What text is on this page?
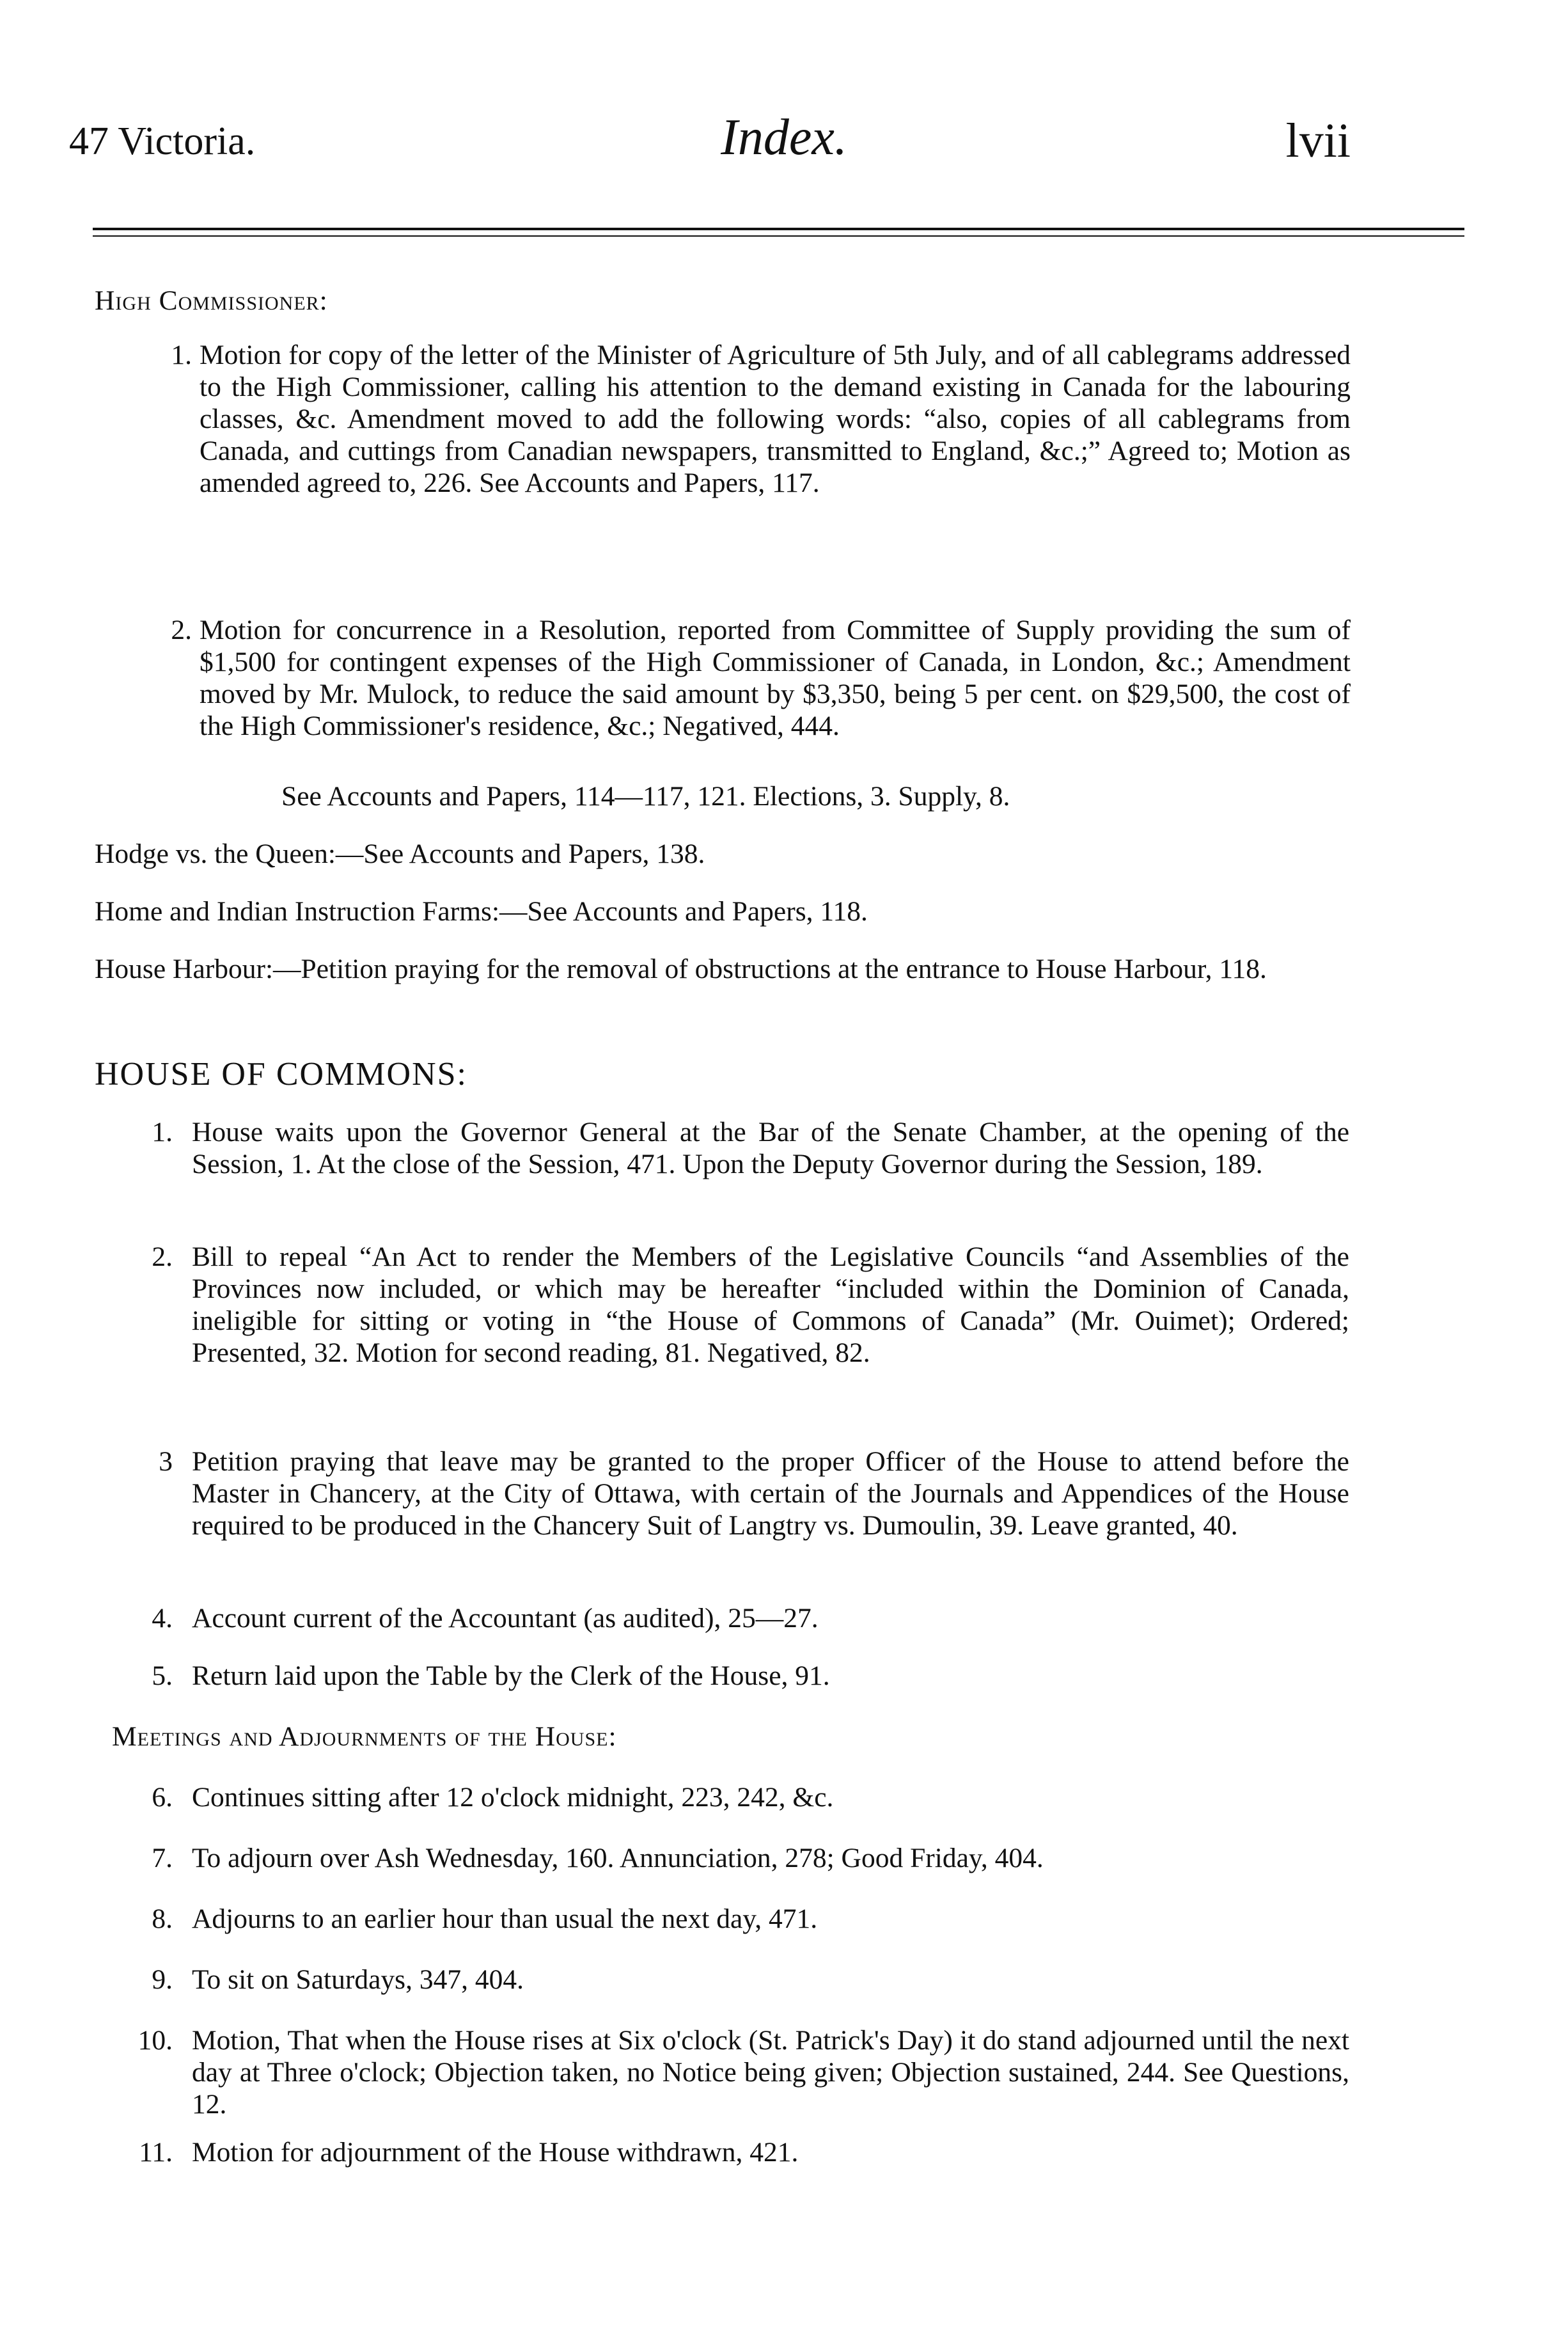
47 Victoria.	Index.	lvii
High Commissioner:
1. Motion for copy of the letter of the Minister of Agriculture of 5th July, and of all cablegrams addressed to the High Commissioner, calling his attention to the demand existing in Canada for the labouring classes, &c. Amendment moved to add the following words: “also, copies of all cablegrams from Canada, and cuttings from Canadian newspapers, transmitted to England, &c.;” Agreed to; Motion as amended agreed to, 226. See Accounts and Papers, 117.
2. Motion for concurrence in a Resolution, reported from Committee of Supply providing the sum of $1,500 for contingent expenses of the High Commissioner of Canada, in London, &c.; Amendment moved by Mr. Mulock, to reduce the said amount by $3,350, being 5 per cent. on $29,500, the cost of the High Commissioner's residence, &c.; Negatived, 444.
See Accounts and Papers, 114—117, 121. Elections, 3. Supply, 8.
Hodge vs. the Queen:—See Accounts and Papers, 138.
Home and Indian Instruction Farms:—See Accounts and Papers, 118.
House Harbour:—Petition praying for the removal of obstructions at the entrance to House Harbour, 118.
HOUSE OF COMMONS:
1. House waits upon the Governor General at the Bar of the Senate Chamber, at the opening of the Session, 1. At the close of the Session, 471. Upon the Deputy Governor during the Session, 189.
2. Bill to repeal “An Act to render the Members of the Legislative Councils “and Assemblies of the Provinces now included, or which may be hereafter “included within the Dominion of Canada, ineligible for sitting or voting in “the House of Commons of Canada” (Mr. Ouimet); Ordered; Presented, 32. Motion for second reading, 81. Negatived, 82.
3 Petition praying that leave may be granted to the proper Officer of the House to attend before the Master in Chancery, at the City of Ottawa, with certain of the Journals and Appendices of the House required to be produced in the Chancery Suit of Langtry vs. Dumoulin, 39. Leave granted, 40.
4. Account current of the Accountant (as audited), 25—27.
5. Return laid upon the Table by the Clerk of the House, 91.
Meetings and Adjournments of the House:
6. Continues sitting after 12 o'clock midnight, 223, 242, &c.
7. To adjourn over Ash Wednesday, 160. Annunciation, 278; Good Friday, 404.
8. Adjourns to an earlier hour than usual the next day, 471.
9. To sit on Saturdays, 347, 404.
10. Motion, That when the House rises at Six o'clock (St. Patrick's Day) it do stand adjourned until the next day at Three o'clock; Objection taken, no Notice being given; Objection sustained, 244. See Questions, 12.
11. Motion for adjournment of the House withdrawn, 421.
